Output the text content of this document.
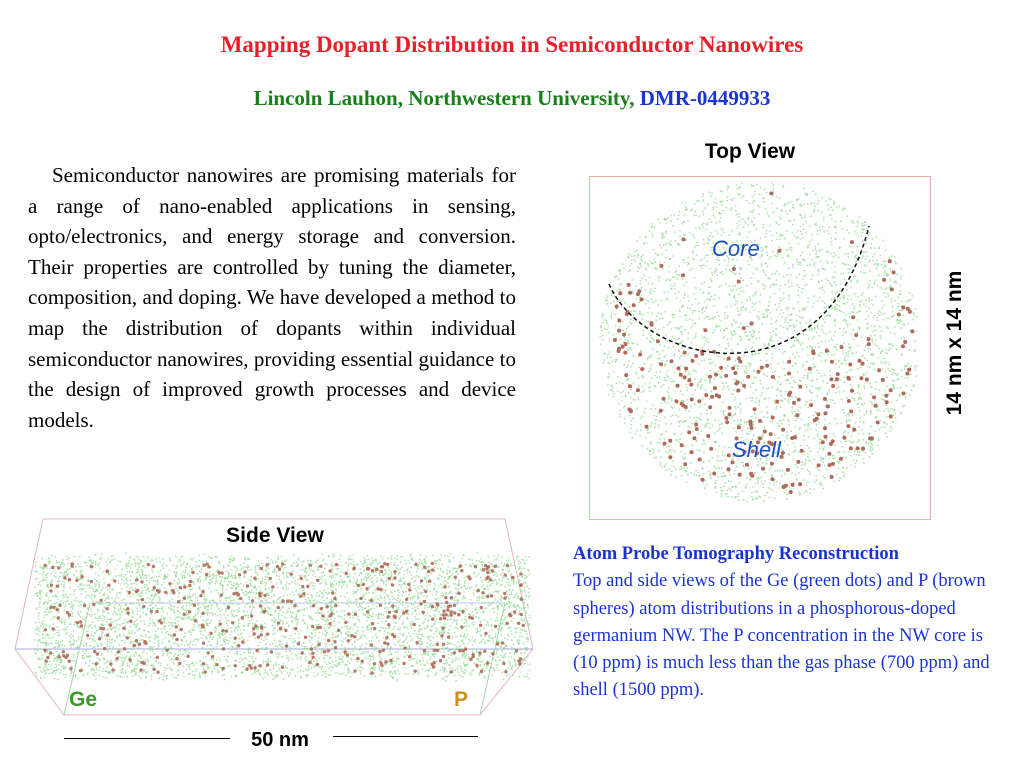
Mapping Dopant Distribution in Semiconductor Nanowires
Lincoln Lauhon, Northwestern University, DMR-0449933
Semiconductor nanowires are promising materials for a range of nano-enabled applications in sensing, opto/electronics, and energy storage and conversion. Their properties are controlled by tuning the diameter, composition, and doping. We have developed a method to map the distribution of dopants within individual semiconductor nanowires, providing essential guidance to the design of improved growth processes and device models.
Top View
Core
Shell
14 nm x 14 nm
Side View
Ge	P
50 nm
Atom Probe Tomography Reconstruction
Top and side views of the Ge (green dots) and P (brown spheres) atom distributions in a phosphorous-doped germanium NW. The P concentration in the NW core is (10 ppm) is much less than the gas phase (700 ppm) and shell (1500 ppm).
